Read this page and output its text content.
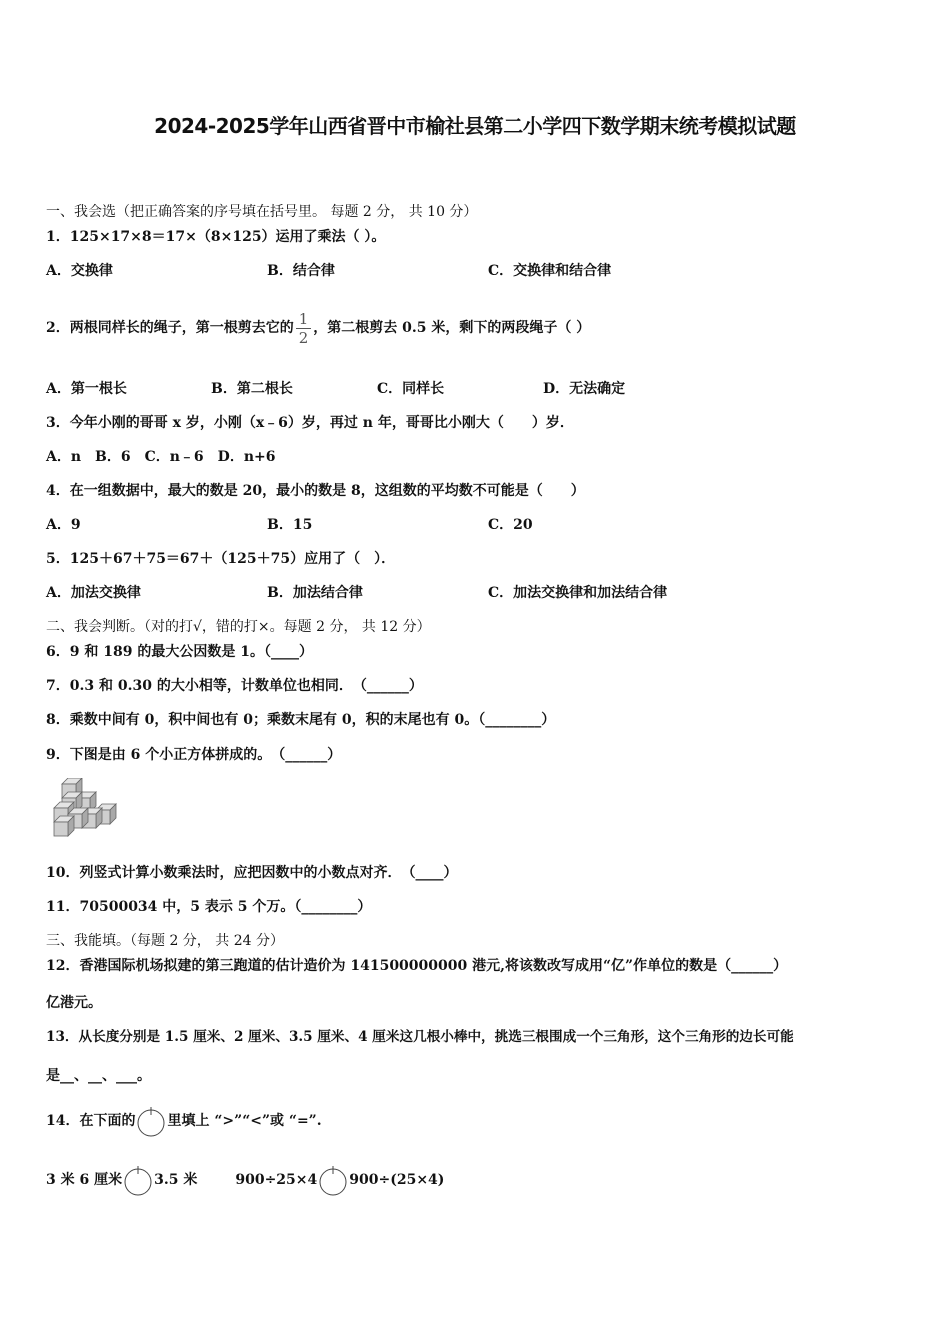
2024-2025学年山西省晋中市榆社县第二小学四下数学期末统考模拟试题
一、我会选（把正确答案的序号填在括号里。 每题 2 分， 共 10 分）
1．125×17×8＝17×（8×125）运用了乘法（ ）。
A．交换律	B．结合律	C．交换律和结合律
2．两根同样长的绳子，第一根剪去它的 $\frac{1}{2}$ ，第二根剪去 0.5 米，剩下的两段绳子（ ）
A．第一根长	B．第二根长	C．同样长	D．无法确定
3．今年小刚的哥哥 x 岁，小刚（x﹣6）岁，再过 n 年，哥哥比小刚大（　　）岁．
A．n　B．6　C．n﹣6　D．n+6
4．在一组数据中，最大的数是 20，最小的数是 8，这组数的平均数不可能是（　　）
A．9	B．15	C．20
5．125＋67＋75＝67＋（125＋75）应用了（　）．
A．加法交换律	B．加法结合律	C．加法交换律和加法结合律
二、我会判断。（对的打√，错的打×。每题 2 分， 共 12 分）
6．9 和 189 的最大公因数是 1。（____）
7．0.3 和 0.30 的大小相等，计数单位也相同．　（______）
8．乘数中间有 0，积中间也有 0；乘数末尾有 0，积的末尾也有 0。（________）
9．下图是由 6 个小正方体拼成的。　（______）
10．列竖式计算小数乘法时，应把因数中的小数点对齐．　（____）
11．70500034 中，5 表示 5 个万。（________）
三、我能填。（每题 2 分， 共 24 分）
12．香港国际机场拟建的第三跑道的估计造价为 141500000000 港元,将该数改写成用“亿”作单位的数是（______）
亿港元。
13．从长度分别是 1.5 厘米、2 厘米、3.5 厘米、4 厘米这几根小棒中，挑选三根围成一个三角形，这个三角形的边长可能
是__、__、___。
14．在下面的 里填上 “>”“<”或 “=”.
3 米 6 厘米 3.5 米	900÷25×4 900÷(25×4)
